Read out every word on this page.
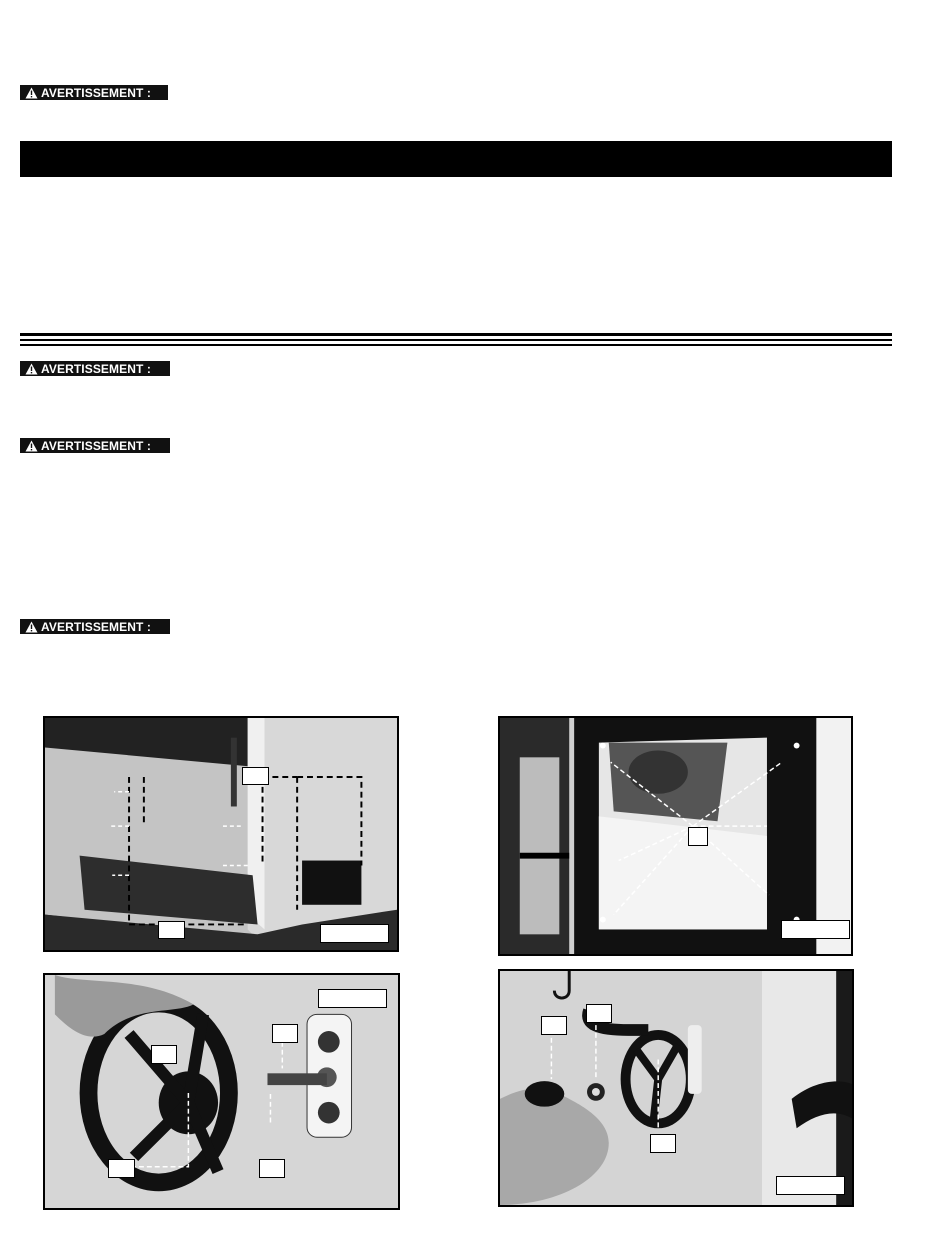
AVERTISSEMENT :
AVERTISSEMENT :
AVERTISSEMENT :
AVERTISSEMENT :
